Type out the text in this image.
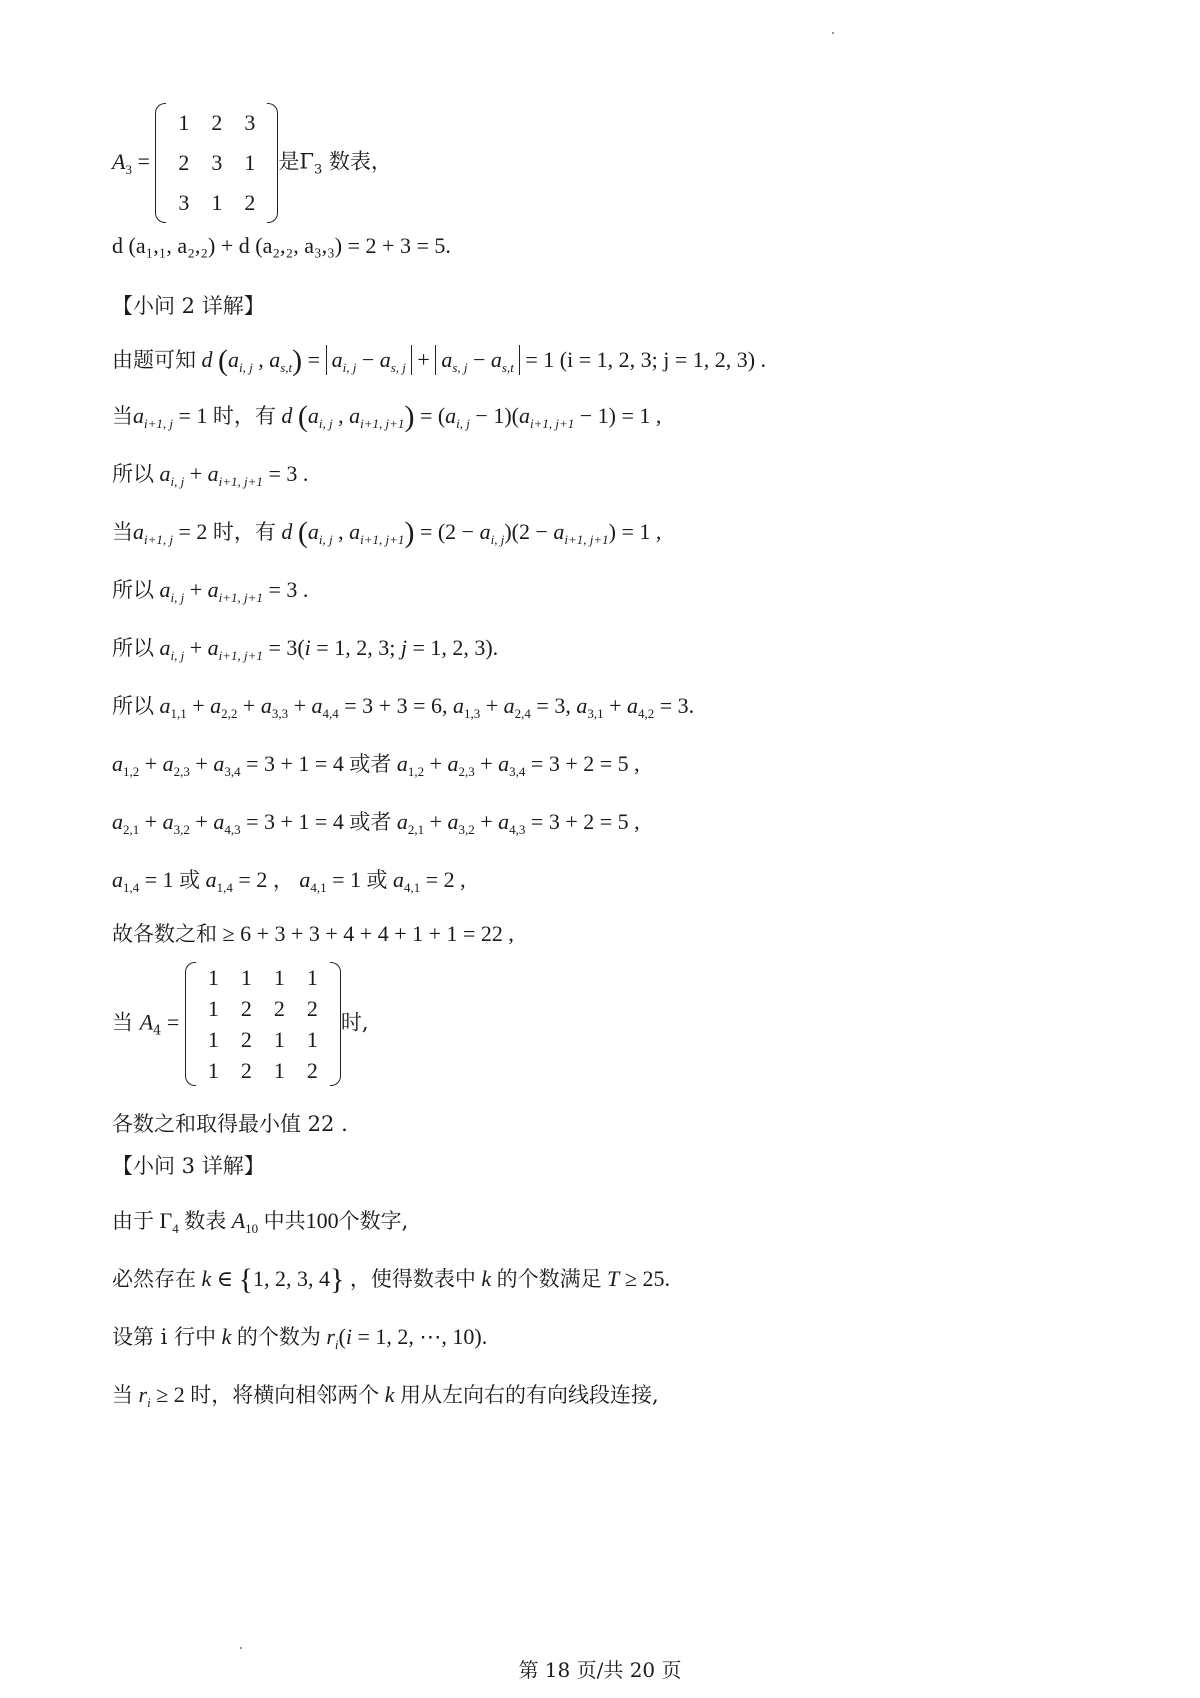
$A_3$ =
1	2	3
2	3	1
3	1	2
是$\Gamma_3$ 数表，
d (a₁,₁, a₂,₂) + d (a₂,₂, a₃,₃) = 2 + 3 = 5.
【小问 2 详解】
由题可知 d ($a_{i, j}$ , $a_{s,t}) = a_{i, j} - a_{s, j} + a_{s, j} - a_{s,t} = 1$ (i = 1, 2, 3; j = 1, 2, 3) .
当$a_{i+1, j} = 1$ 时，有 d ($a_{i, j}$ , $a_{i+1, j+1}) = (a_{i, j} - 1)(a_{i+1, j+1} - 1) = 1$ ,
所以 $a_{i, j} + a_{i+1, j+1} = 3$ .
当$a_{i+1, j} = 2$ 时，有 d ($a_{i, j}$ , $a_{i+1, j+1}) = (2 - a_{i, j})(2 - a_{i+1, j+1}) = 1$ ,
所以 $a_{i, j} + a_{i+1, j+1} = 3$ .
所以 $a_{i, j} + a_{i+1, j+1} = 3(i = 1$, 2, 3; j = 1, 2, 3).
所以 $a_{1,1} + a_{2,2} + a_{3,3} + a_{4,4} = 3 + 3 = 6$, $a_{1,3} + a_{2,4} = 3$, $a_{3,1} + a_{4,2} = 3$.
$a_{1,2} + a_{2,3} + a_{3,4} = 3 + 1 = 4$ 或者 $a_{1,2} + a_{2,3} + a_{3,4} = 3 + 2 = 5$ ,
$a_{2,1} + a_{3,2} + a_{4,3} = 3 + 1 = 4$ 或者 $a_{2,1} + a_{3,2} + a_{4,3} = 3 + 2 = 5$ ,
$a_{1,4} = 1$ 或 $a_{1,4} = 2$ ， $a_{4,1} = 1$ 或 $a_{4,1} = 2$ ,
故各数之和 ≥ 6 + 3 + 3 + 4 + 4 + 1 + 1 = 22 ,
当 $A_4$ =
1	1	1	1
1	2	2	2
1	2	1	1
1	2	1	2
时,
各数之和取得最小值 22 .
【小问 3 详解】
由于 $\Gamma_4$ 数表 $A_{10}$ 中共100个数字,
必然存在 k ∈ {1, 2, 3, 4} ，使得数表中 k 的个数满足 T ≥ 25.
设第 i 行中 k 的个数为 $r_i(i = 1$, 2, ⋯, 10).
当 $r_i \ge 2$ 时，将横向相邻两个 k 用从左向右的有向线段连接,
第 18 页/共 20 页
